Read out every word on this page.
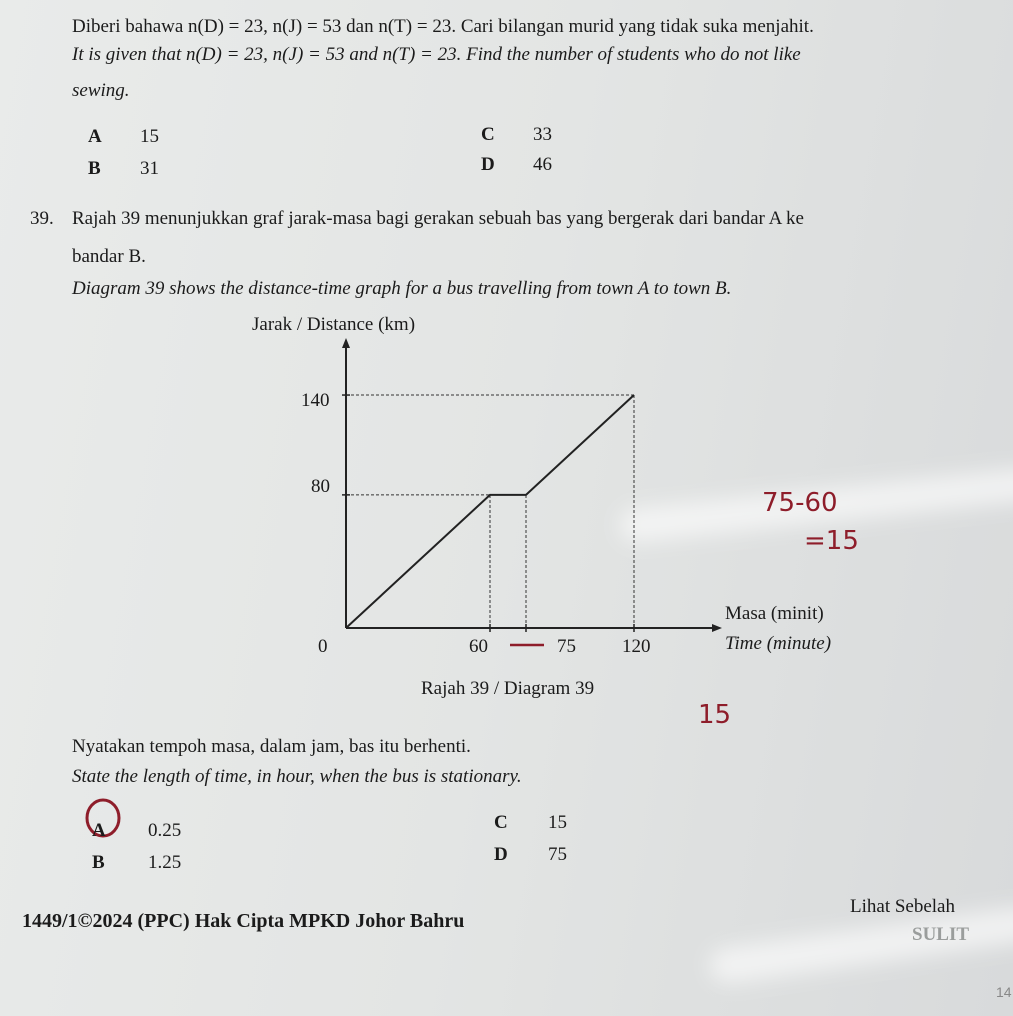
Diberi bahawa n(D) = 23, n(J) = 53 dan n(T) = 23. Cari bilangan murid yang tidak suka menjahit.
It is given that n(D) = 23, n(J) = 53 and n(T) = 23. Find the number of students who do not like
sewing.
A 15
B 31
C 33
D 46
39. Rajah 39 menunjukkan graf jarak-masa bagi gerakan sebuah bas yang bergerak dari bandar A ke
bandar B.
Diagram 39 shows the distance-time graph for a bus travelling from town A to town B.
Jarak / Distance (km)
140
80
0	60	75 120
Masa (minit)
Time (minute)
Rajah 39 / Diagram 39
Nyatakan tempoh masa, dalam jam, bas itu berhenti.
State the length of time, in hour, when the bus is stationary.
A 0.25
B 1.25
C 15
D 75
75-60
=15
15
1449/1©2024 (PPC) Hak Cipta MPKD Johor Bahru
Lihat Sebelah
SULIT
14
